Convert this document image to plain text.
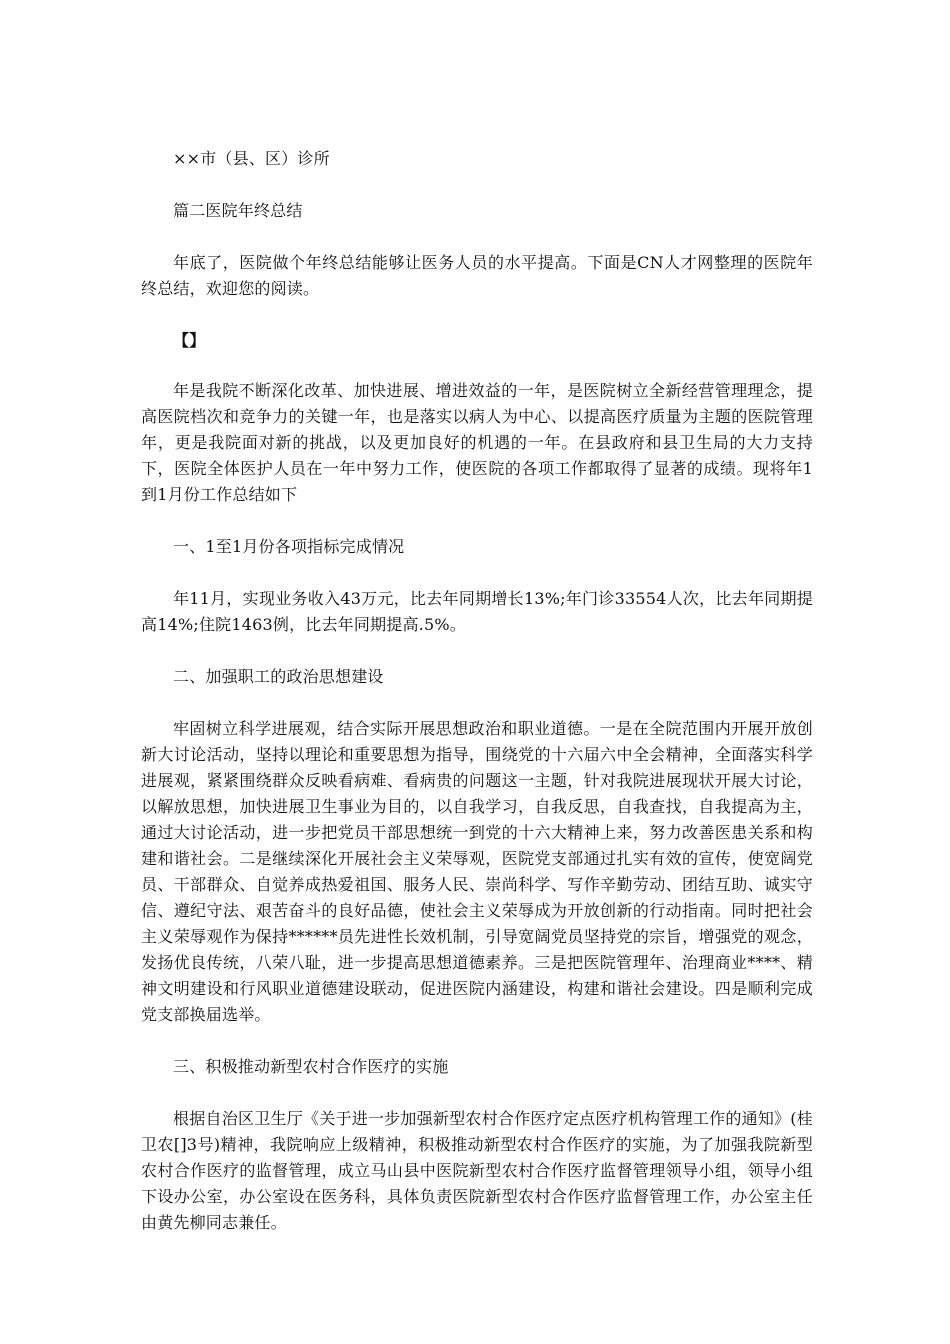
××市（县、区）诊所

篇二医院年终总结

年底了，医院做个年终总结能够让医务人员的水平提高。下面是CN人才网整理的医院年终总结，欢迎您的阅读。

【】

年是我院不断深化改革、加快进展、增进效益的一年，是医院树立全新经营管理理念，提高医院档次和竞争力的关键一年，也是落实以病人为中心、以提高医疗质量为主题的医院管理年，更是我院面对新的挑战，以及更加良好的机遇的一年。在县政府和县卫生局的大力支持下，医院全体医护人员在一年中努力工作，使医院的各项工作都取得了显著的成绩。现将年1到1月份工作总结如下

一、1至1月份各项指标完成情况

年11月，实现业务收入43万元，比去年同期增长13%;年门诊33554人次，比去年同期提高14%;住院1463例，比去年同期提高.5%。

二、加强职工的政治思想建设

牢固树立科学进展观，结合实际开展思想政治和职业道德。一是在全院范围内开展开放创新大讨论活动，坚持以理论和重要思想为指导，围绕党的十六届六中全会精神，全面落实科学进展观，紧紧围绕群众反映看病难、看病贵的问题这一主题，针对我院进展现状开展大讨论，以解放思想，加快进展卫生事业为目的，以自我学习，自我反思，自我查找，自我提高为主，通过大讨论活动，进一步把党员干部思想统一到党的十六大精神上来，努力改善医患关系和构建和谐社会。二是继续深化开展社会主义荣辱观，医院党支部通过扎实有效的宣传，使宽阔党员、干部群众、自觉养成热爱祖国、服务人民、崇尚科学、写作辛勤劳动、团结互助、诚实守信、遵纪守法、艰苦奋斗的良好品德，使社会主义荣辱成为开放创新的行动指南。同时把社会主义荣辱观作为保持******员先进性长效机制，引导宽阔党员坚持党的宗旨，增强党的观念，发扬优良传统，八荣八耻，进一步提高思想道德素养。三是把医院管理年、治理商业****、精神文明建设和行风职业道德建设联动，促进医院内涵建设，构建和谐社会建设。四是顺利完成党支部换届选举。

三、积极推动新型农村合作医疗的实施

根据自治区卫生厅《关于进一步加强新型农村合作医疗定点医疗机构管理工作的通知》(桂卫农[]3号)精神，我院响应上级精神，积极推动新型农村合作医疗的实施，为了加强我院新型农村合作医疗的监督管理，成立马山县中医院新型农村合作医疗监督管理领导小组，领导小组下设办公室，办公室设在医务科，具体负责医院新型农村合作医疗监督管理工作，办公室主任由黄先柳同志兼任。
